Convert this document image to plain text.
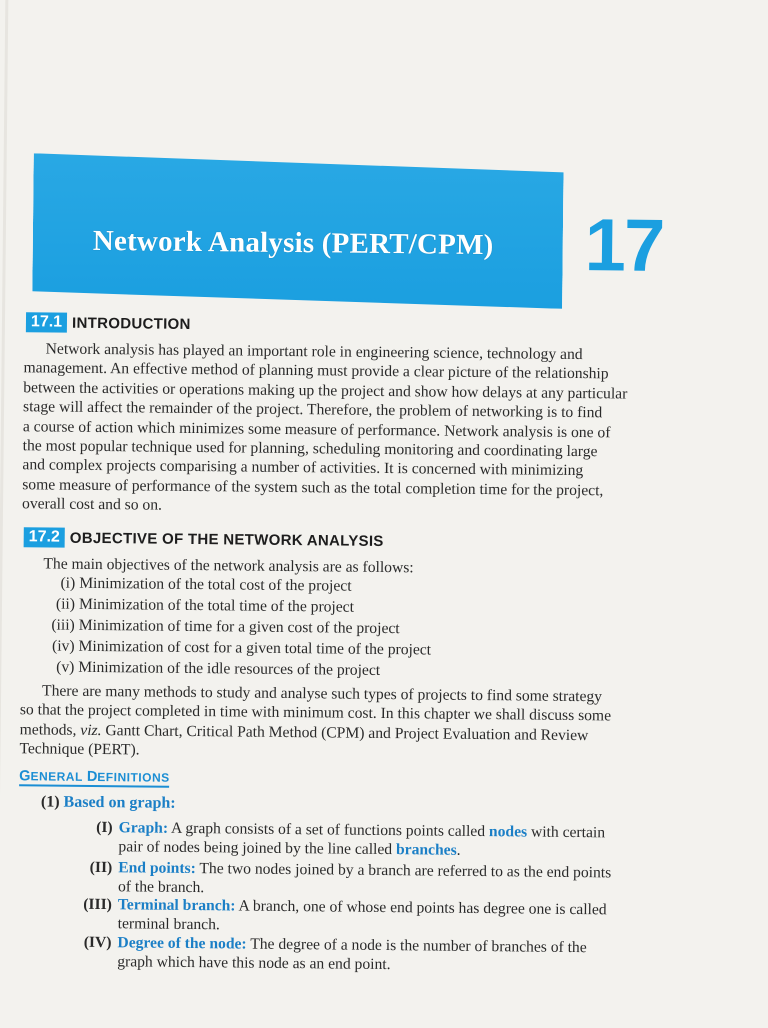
Network Analysis (PERT/CPM) 17
17.1 INTRODUCTION
Network analysis has played an important role in engineering science, technology and
management. An effective method of planning must provide a clear picture of the relationship
between the activities or operations making up the project and show how delays at any particular
stage will affect the remainder of the project. Therefore, the problem of networking is to find
a course of action which minimizes some measure of performance. Network analysis is one of
the most popular technique used for planning, scheduling monitoring and coordinating large
and complex projects comparising a number of activities. It is concerned with minimizing
some measure of performance of the system such as the total completion time for the project,
overall cost and so on.
17.2 OBJECTIVE OF THE NETWORK ANALYSIS
The main objectives of the network analysis are as follows:
(i) Minimization of the total cost of the project
(ii) Minimization of the total time of the project
(iii) Minimization of time for a given cost of the project
(iv) Minimization of cost for a given total time of the project
(v) Minimization of the idle resources of the project
There are many methods to study and analyse such types of projects to find some strategy
so that the project completed in time with minimum cost. In this chapter we shall discuss some
methods, viz. Gantt Chart, Critical Path Method (CPM) and Project Evaluation and Review
Technique (PERT).
GENERAL DEFINITIONS
(1) Based on graph:
(I) Graph: A graph consists of a set of functions points called nodes with certain
pair of nodes being joined by the line called branches.
(II) End points: The two nodes joined by a branch are referred to as the end points
of the branch.
(III) Terminal branch: A branch, one of whose end points has degree one is called
terminal branch.
(IV) Degree of the node: The degree of a node is the number of branches of the
graph which have this node as an end point.
